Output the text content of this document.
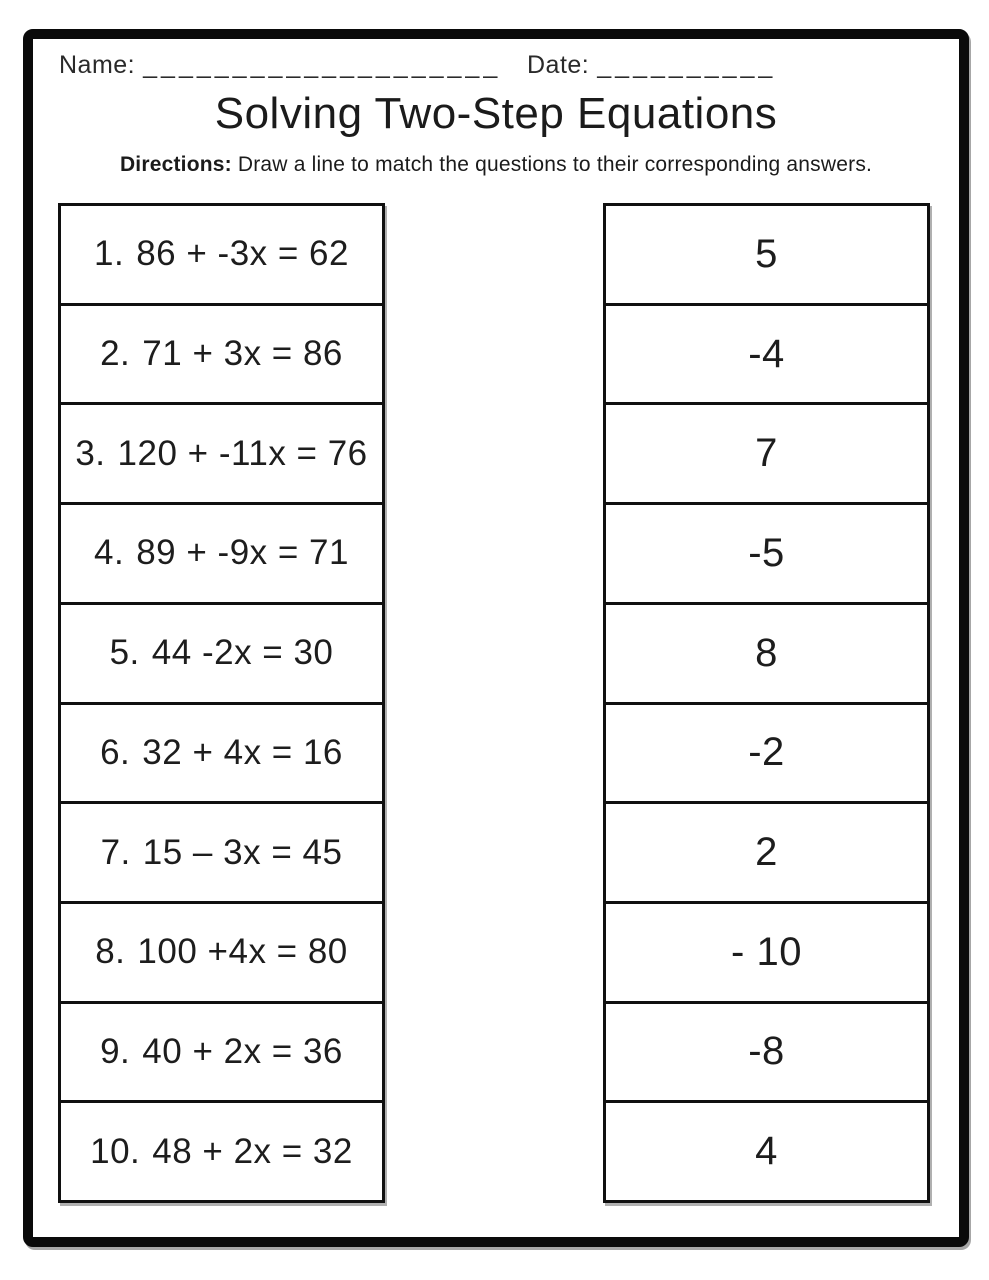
Name: ____________________ Date: __________
Solving Two-Step Equations

Directions: Draw a line to match the questions to their corresponding answers.

1. 86 + -3x = 62
2. 71 + 3x = 86
3. 120 + -11x = 76
4. 89 + -9x = 71
5. 44 -2x = 30
6. 32 + 4x = 16
7. 15 – 3x = 45
8. 100 +4x = 80
9. 40 + 2x = 36
10. 48 + 2x = 32
5
-4
7
-5
8
-2
2
- 10
-8
4
